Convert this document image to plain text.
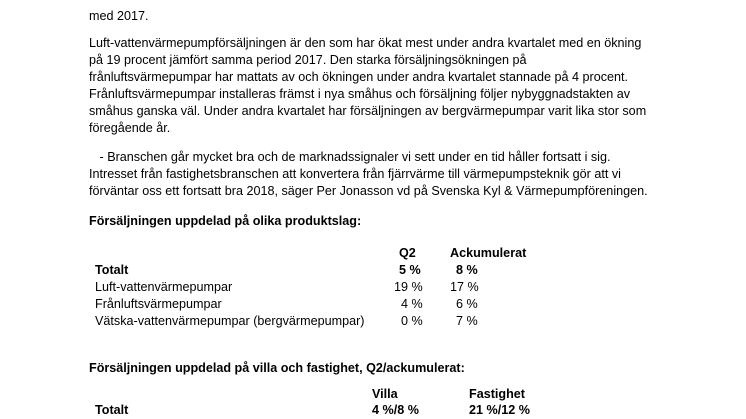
med 2017.
Luft-vattenvärmepumpförsäljningen är den som har ökat mest under andra kvartalet med en ökning
på 19 procent jämfört samma period 2017. Den starka försäljningsökningen på
frånluftsvärmepumpar har mattats av och ökningen under andra kvartalet stannade på 4 procent.
Frånluftsvärmepumpar installeras främst i nya småhus och försäljning följer nybyggnadstakten av
småhus ganska väl. Under andra kvartalet har försäljningen av bergvärmepumpar varit lika stor som
föregående år.
- Branschen går mycket bra och de marknadssignaler vi sett under en tid håller fortsatt i sig.
Intresset från fastighetsbranschen att konvertera från fjärrvärme till värmepumpsteknik gör att vi
förväntar oss ett fortsatt bra 2018, säger Per Jonasson vd på Svenska Kyl & Värmepumpföreningen.
Försäljningen uppdelad på olika produktslag:
Q2	Ackumulerat
Totalt	5 %	8 %
Luft-vattenvärmepumpar	19 % 17 %
Frånluftsvärmepumpar	4 %	6 %
Vätska-vattenvärmepumpar (bergvärmepumpar)	0 %	7 %
Försäljningen uppdelad på villa och fastighet, Q2/ackumulerat:
Villa	Fastighet
Totalt	4 %/8 %	21 %/12 %
